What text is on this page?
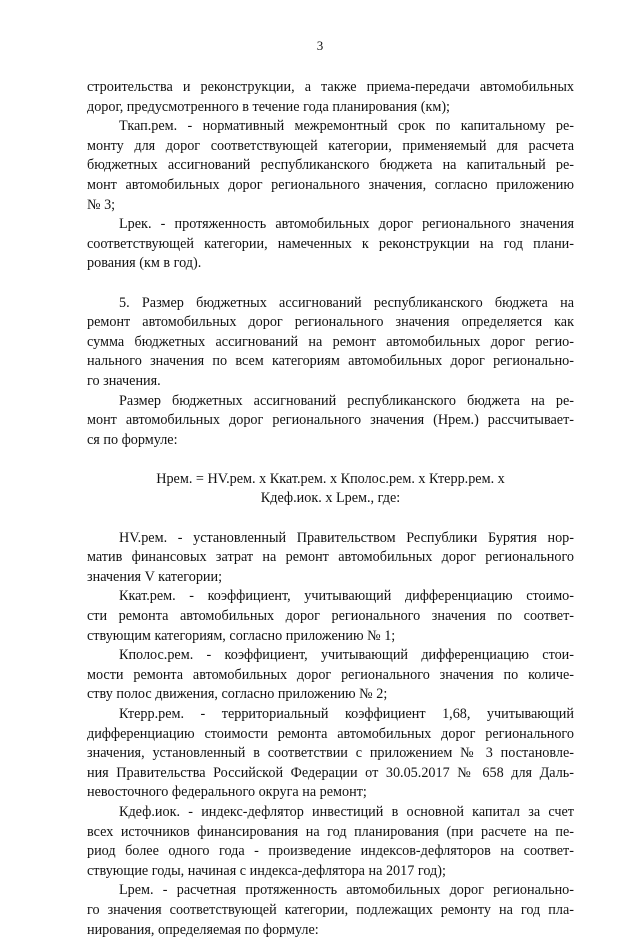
3
строительства и реконструкции, а также приема-передачи автомобильных
дорог, предусмотренного в течение года планирования (км);
Ткап.рем. - нормативный межремонтный срок по капитальному ре-
монту для дорог соответствующей категории, применяемый для расчета
бюджетных ассигнований республиканского бюджета на капитальный ре-
монт автомобильных дорог регионального значения, согласно приложению
№ 3;
Lрек. - протяженность автомобильных дорог регионального значения
соответствующей категории, намеченных к реконструкции на год плани-
рования (км в год).
5. Размер бюджетных ассигнований республиканского бюджета на
ремонт автомобильных дорог регионального значения определяется как
сумма бюджетных ассигнований на ремонт автомобильных дорог регио-
нального значения по всем категориям автомобильных дорог регионально-
го значения.
Размер бюджетных ассигнований республиканского бюджета на ре-
монт автомобильных дорог регионального значения (Нрем.) рассчитывает-
ся по формуле:
Нрем. = НV.рем. х Ккат.рем. х Кполос.рем. х Ктерр.рем. х
Кдеф.иок. х Lрем., где:
НV.рем. - установленный Правительством Республики Бурятия нор-
матив финансовых затрат на ремонт автомобильных дорог регионального
значения V категории;
Ккат.рем. - коэффициент, учитывающий дифференциацию стоимо-
сти ремонта автомобильных дорог регионального значения по соответ-
ствующим категориям, согласно приложению № 1;
Кполос.рем. - коэффициент, учитывающий дифференциацию стои-
мости ремонта автомобильных дорог регионального значения по количе-
ству полос движения, согласно приложению № 2;
Ктерр.рем. - территориальный коэффициент 1,68, учитывающий
дифференциацию стоимости ремонта автомобильных дорог регионального
значения, установленный в соответствии с приложением № 3 постановле-
ния Правительства Российской Федерации от 30.05.2017 № 658 для Даль-
невосточного федерального округа на ремонт;
Кдеф.иок. - индекс-дефлятор инвестиций в основной капитал за счет
всех источников финансирования на год планирования (при расчете на пе-
риод более одного года - произведение индексов-дефляторов на соответ-
ствующие годы, начиная с индекса-дефлятора на 2017 год);
Lрем. - расчетная протяженность автомобильных дорог регионально-
го значения соответствующей категории, подлежащих ремонту на год пла-
нирования, определяемая по формуле:
